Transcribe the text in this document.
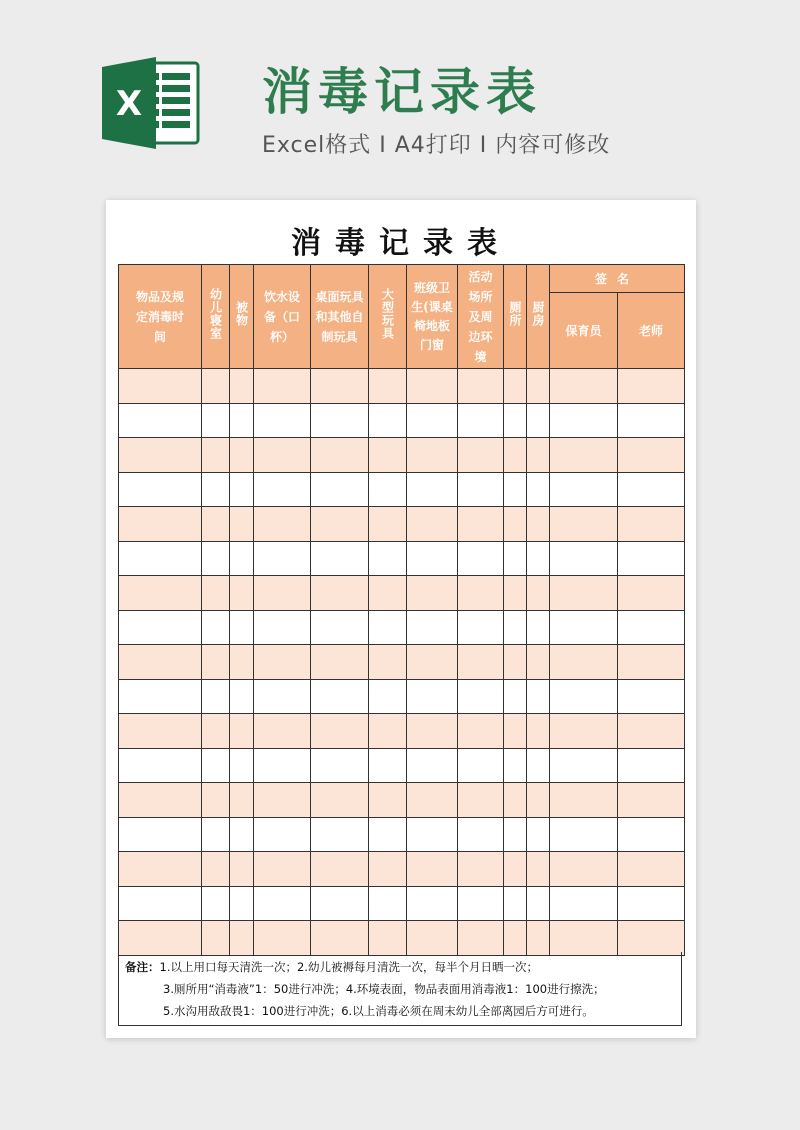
X 消毒记录表
Excel格式 I A4打印 I 内容可修改
消毒记录表
物品及规定消毒时间	幼儿寝室	被物	饮水设备（口杯）	桌面玩具和其他自制玩具	大型玩具	班级卫生(课桌椅地板门窗	活动场所及周边环境	厕所	厨房	签名	
										保育员	老师

备注：1.以上用口每天清洗一次；2.幼儿被褥每月清洗一次，每半个月日晒一次；
3.厕所用“消毒液”1：50进行冲洗；4.环境表面，物品表面用消毒液1：100进行擦洗；
5.水沟用敌敌畏1：100进行冲洗；6.以上消毒必须在周末幼儿全部离园后方可进行。
